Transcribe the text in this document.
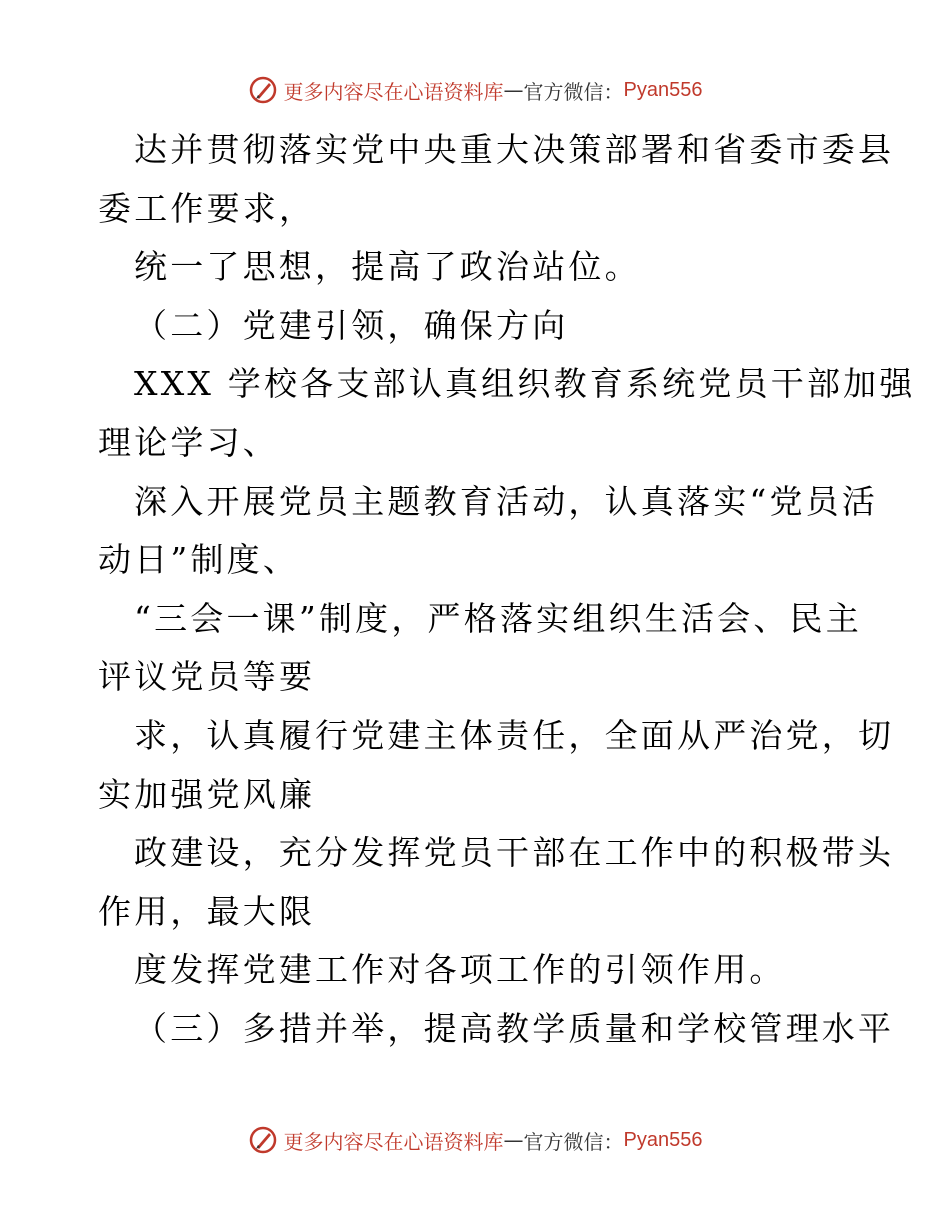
更多内容尽在心语资料库 — 官方微信： Pyan556
达并贯彻落实党中央重大决策部署和省委市委县
委工作要求，
统一了思想，提高了政治站位。
（二）党建引领，确保方向
XXX 学校各支部认真组织教育系统党员干部加强
理论学习、
深入开展党员主题教育活动，认真落实“党员活
动日”制度、
“三会一课”制度，严格落实组织生活会、民主
评议党员等要
求，认真履行党建主体责任，全面从严治党，切
实加强党风廉
政建设，充分发挥党员干部在工作中的积极带头
作用，最大限
度发挥党建工作对各项工作的引领作用。
（三）多措并举，提高教学质量和学校管理水平
更多内容尽在心语资料库 — 官方微信： Pyan556
